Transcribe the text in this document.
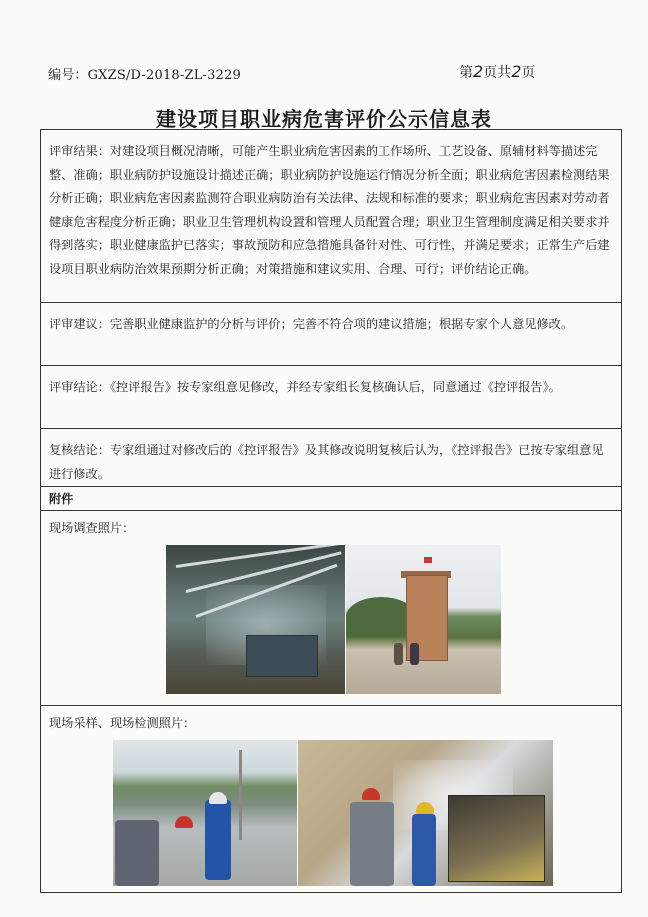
编号：GXZS/D-2018-ZL-3229	第2页共2页
建设项目职业病危害评价公示信息表
评审结果：对建设项目概况清晰，可能产生职业病危害因素的工作场所、工艺设备、原辅材料等描述完整、准确；职业病防护设施设计描述正确；职业病防护设施运行情况分析全面；职业病危害因素检测结果分析正确；职业病危害因素监测符合职业病防治有关法律、法规和标准的要求；职业病危害因素对劳动者健康危害程度分析正确；职业卫生管理机构设置和管理人员配置合理；职业卫生管理制度满足相关要求并得到落实；职业健康监护已落实；事故预防和应急措施具备针对性、可行性，并满足要求；正常生产后建设项目职业病防治效果预期分析正确；对策措施和建议实用、合理、可行；评价结论正确。
评审建议：完善职业健康监护的分析与评价；完善不符合项的建议措施；根据专家个人意见修改。
评审结论：《控评报告》按专家组意见修改，并经专家组长复核确认后，同意通过《控评报告》。
复核结论：专家组通过对修改后的《控评报告》及其修改说明复核后认为，《控评报告》已按专家组意见进行修改。
附件
现场调查照片：
现场采样、现场检测照片：
